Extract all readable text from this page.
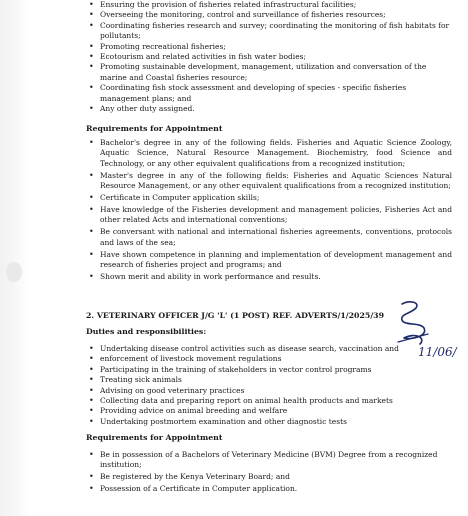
• Ensuring the provision of fisheries related infrastructural facilities;
• Overseeing the monitoring, control and surveillance of fisheries resources;
• Coordinating fisheries research and survey; coordinating the monitoring of fish habitats for pollutants;
• Promoting recreational fisheries;
• Ecotourism and related activities in fish water bodies;
• Promoting sustainable development, management, utilization and conversation of the marine and Coastal fisheries resource;
• Coordinating fish stock assessment and developing of species - specific fisheries management plans; and
• Any other duty assigned.
Requirements for Appointment
• Bachelor's degree in any of the following fields. Fisheries and Aquatic Science Zoology, Aquatic Science, Natural Resource Management. Biochemistry, food Science and Technology, or any other equivalent qualifications from a recognized institution;
• Master's degree in any of the following fields: Fisheries and Aquatic Sciences Natural Resource Management, or any other equivalent qualifications from a recognized institution;
• Certificate in Computer application skills;
• Have knowledge of the Fisheries development and management policies, Fisheries Act and other related Acts and international conventions;
• Be conversant with national and international fisheries agreements, conventions, protocols and laws of the sea;
• Have shown competence in planning and implementation of development management and research of fisheries project and programs; and
• Shown merit and ability in work performance and results.
2. VETERINARY OFFICER J/G 'L' (1 POST) REF. ADVERTS/1/2025/39
11/06/
Duties and responsibilities:
• Undertaking disease control activities such as disease search, vaccination and
• enforcement of livestock movement regulations
• Participating in the training of stakeholders in vector control programs
• Treating sick animals
• Advising on good veterinary practices
• Collecting data and preparing report on animal health products and markets
• Providing advice on animal breeding and welfare
• Undertaking postmortem examination and other diagnostic tests
Requirements for Appointment
• Be in possession of a Bachelors of Veterinary Medicine (BVM) Degree from a recognized institution;
• Be registered by the Kenya Veterinary Board; and
• Possession of a Certificate in Computer application.
